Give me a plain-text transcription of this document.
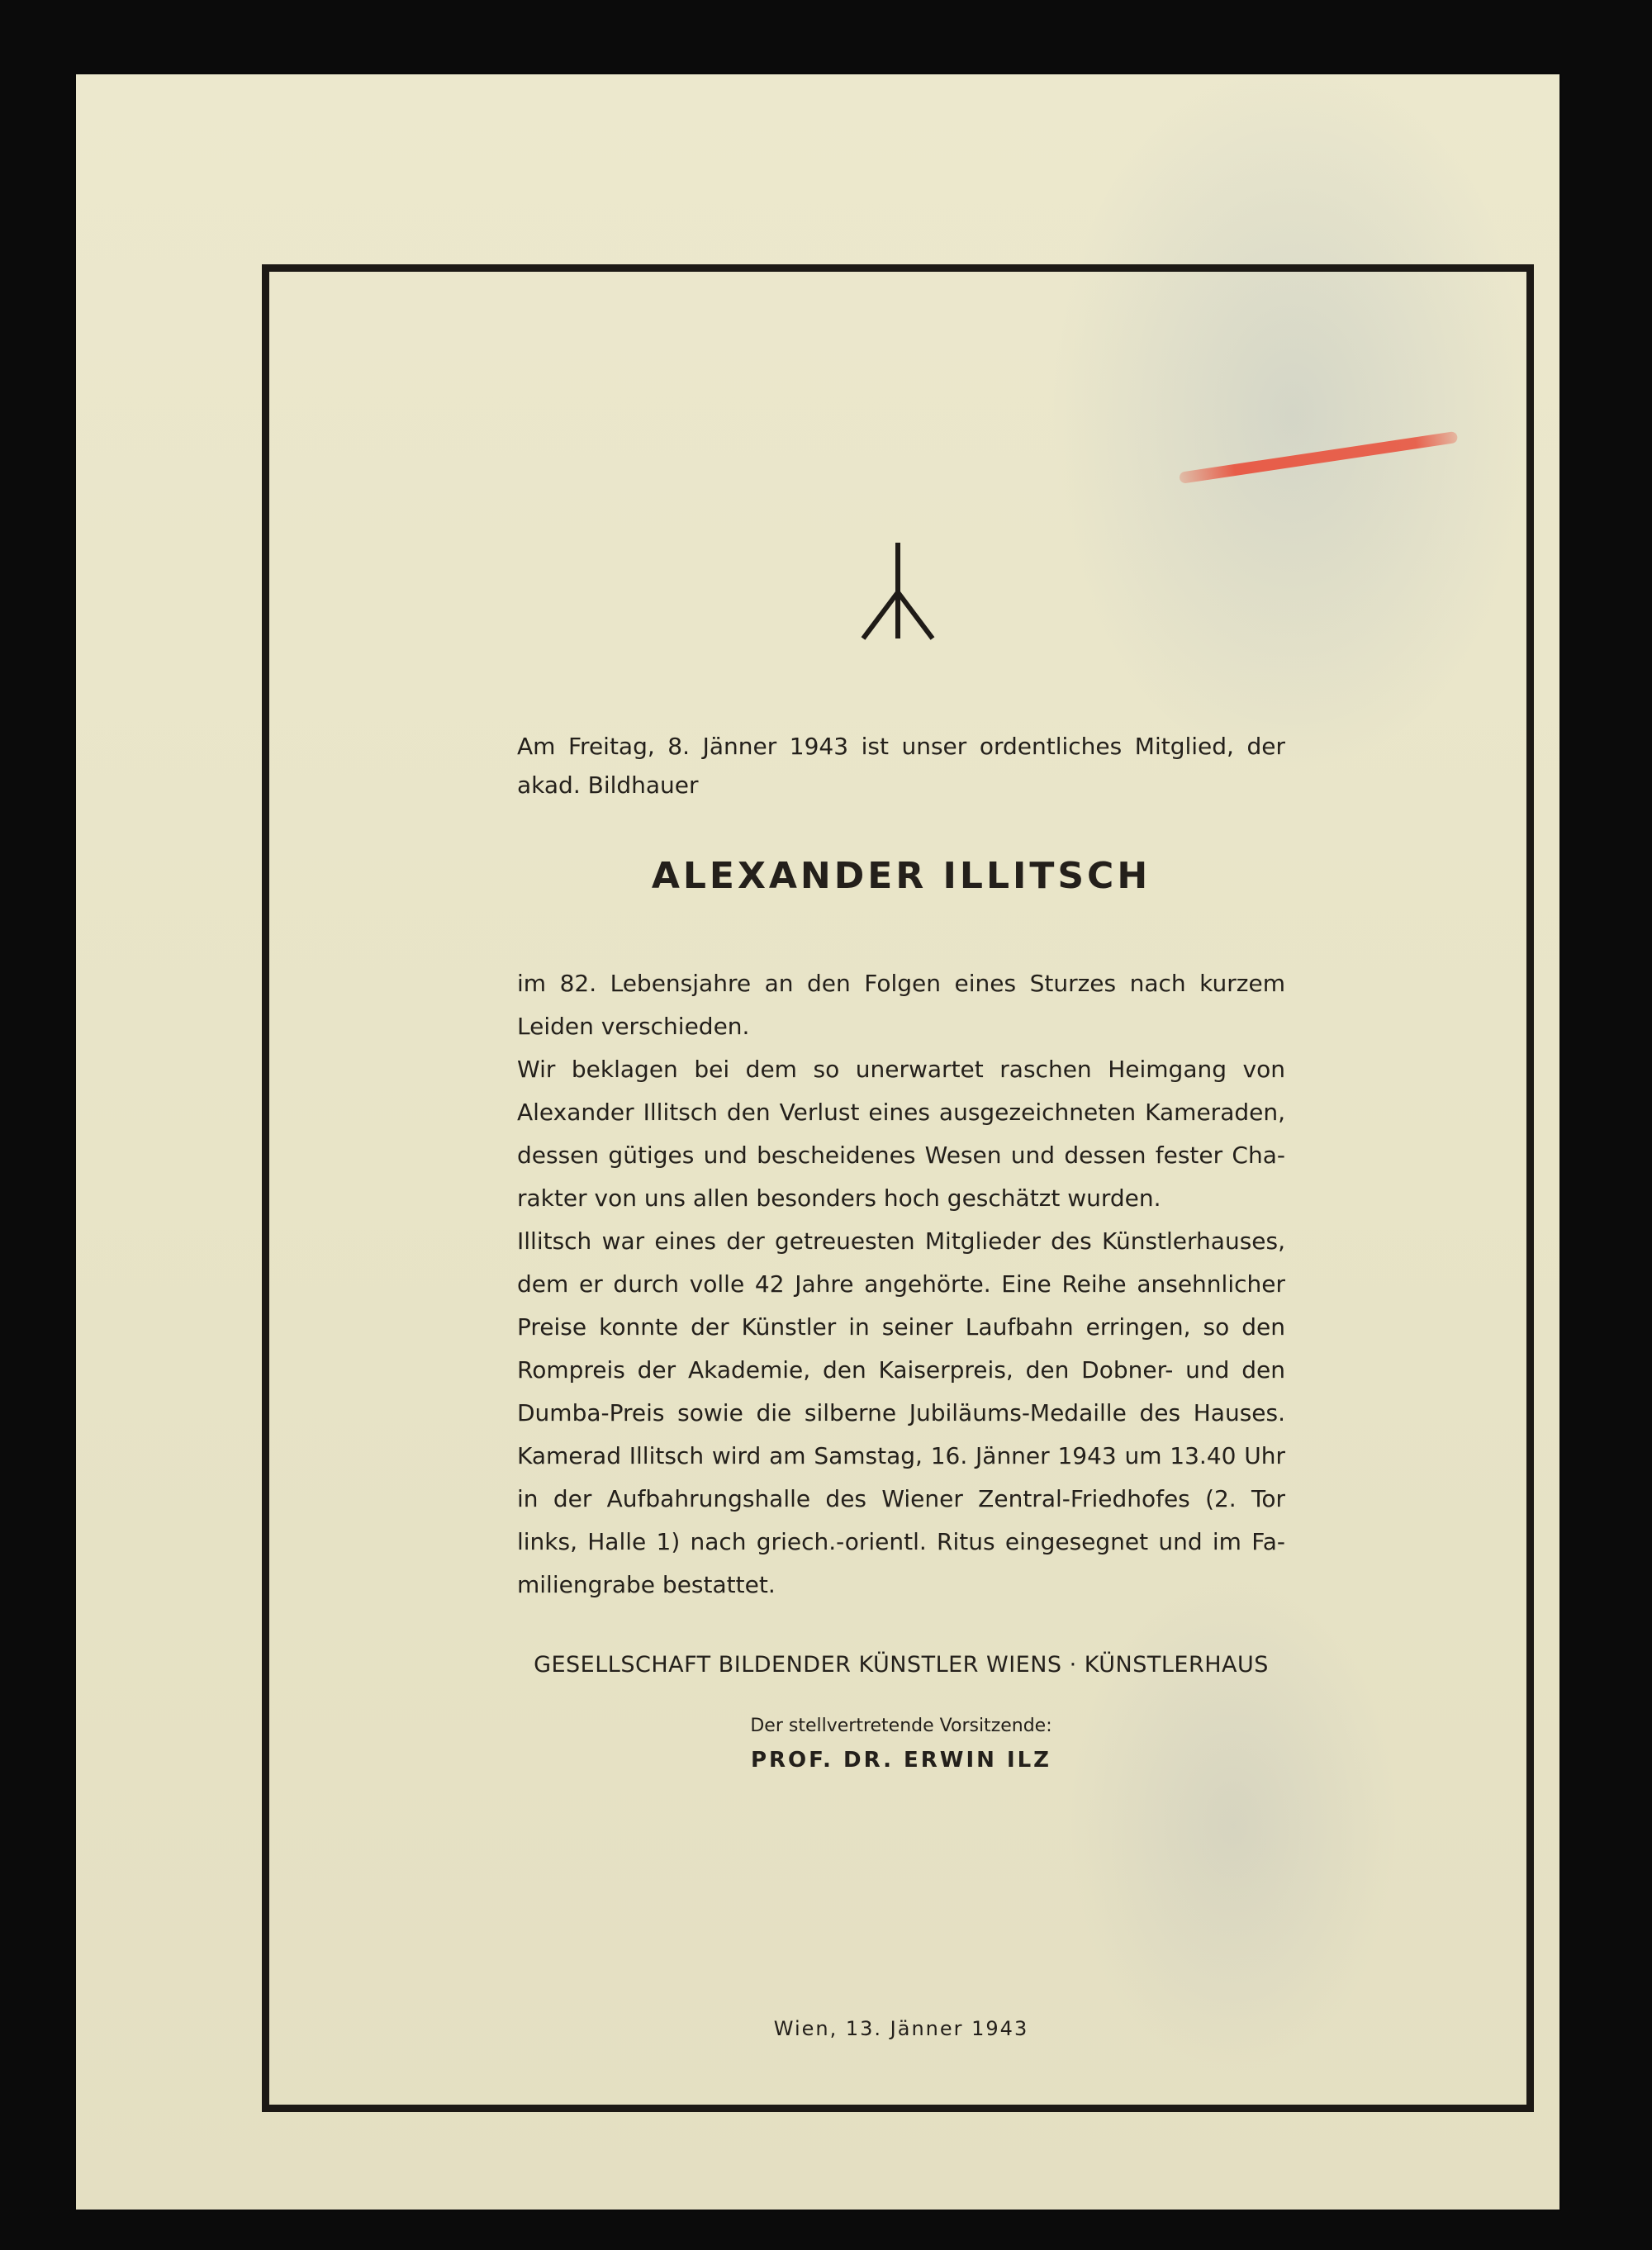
Am Freitag, 8. Jänner 1943 ist unser ordentliches Mitglied, der
akad. Bildhauer
ALEXANDER ILLITSCH
im 82. Lebensjahre an den Folgen eines Sturzes nach kurzem
Leiden verschieden.
Wir beklagen bei dem so unerwartet raschen Heimgang von
Alexander Illitsch den Verlust eines ausgezeichneten Kameraden,
dessen gütiges und bescheidenes Wesen und dessen fester Cha-
rakter von uns allen besonders hoch geschätzt wurden.
Illitsch war eines der getreuesten Mitglieder des Künstlerhauses,
dem er durch volle 42 Jahre angehörte. Eine Reihe ansehnlicher
Preise konnte der Künstler in seiner Laufbahn erringen, so den
Rompreis der Akademie, den Kaiserpreis, den Dobner- und den
Dumba-Preis sowie die silberne Jubiläums-Medaille des Hauses.
Kamerad Illitsch wird am Samstag, 16. Jänner 1943 um 13.40 Uhr
in der Aufbahrungshalle des Wiener Zentral-Friedhofes (2. Tor
links, Halle 1) nach griech.-orientl. Ritus eingesegnet und im Fa-
miliengrabe bestattet.
GESELLSCHAFT BILDENDER KÜNSTLER WIENS · KÜNSTLERHAUS
Der stellvertretende Vorsitzende:
PROF. DR. ERWIN ILZ
Wien, 13. Jänner 1943
